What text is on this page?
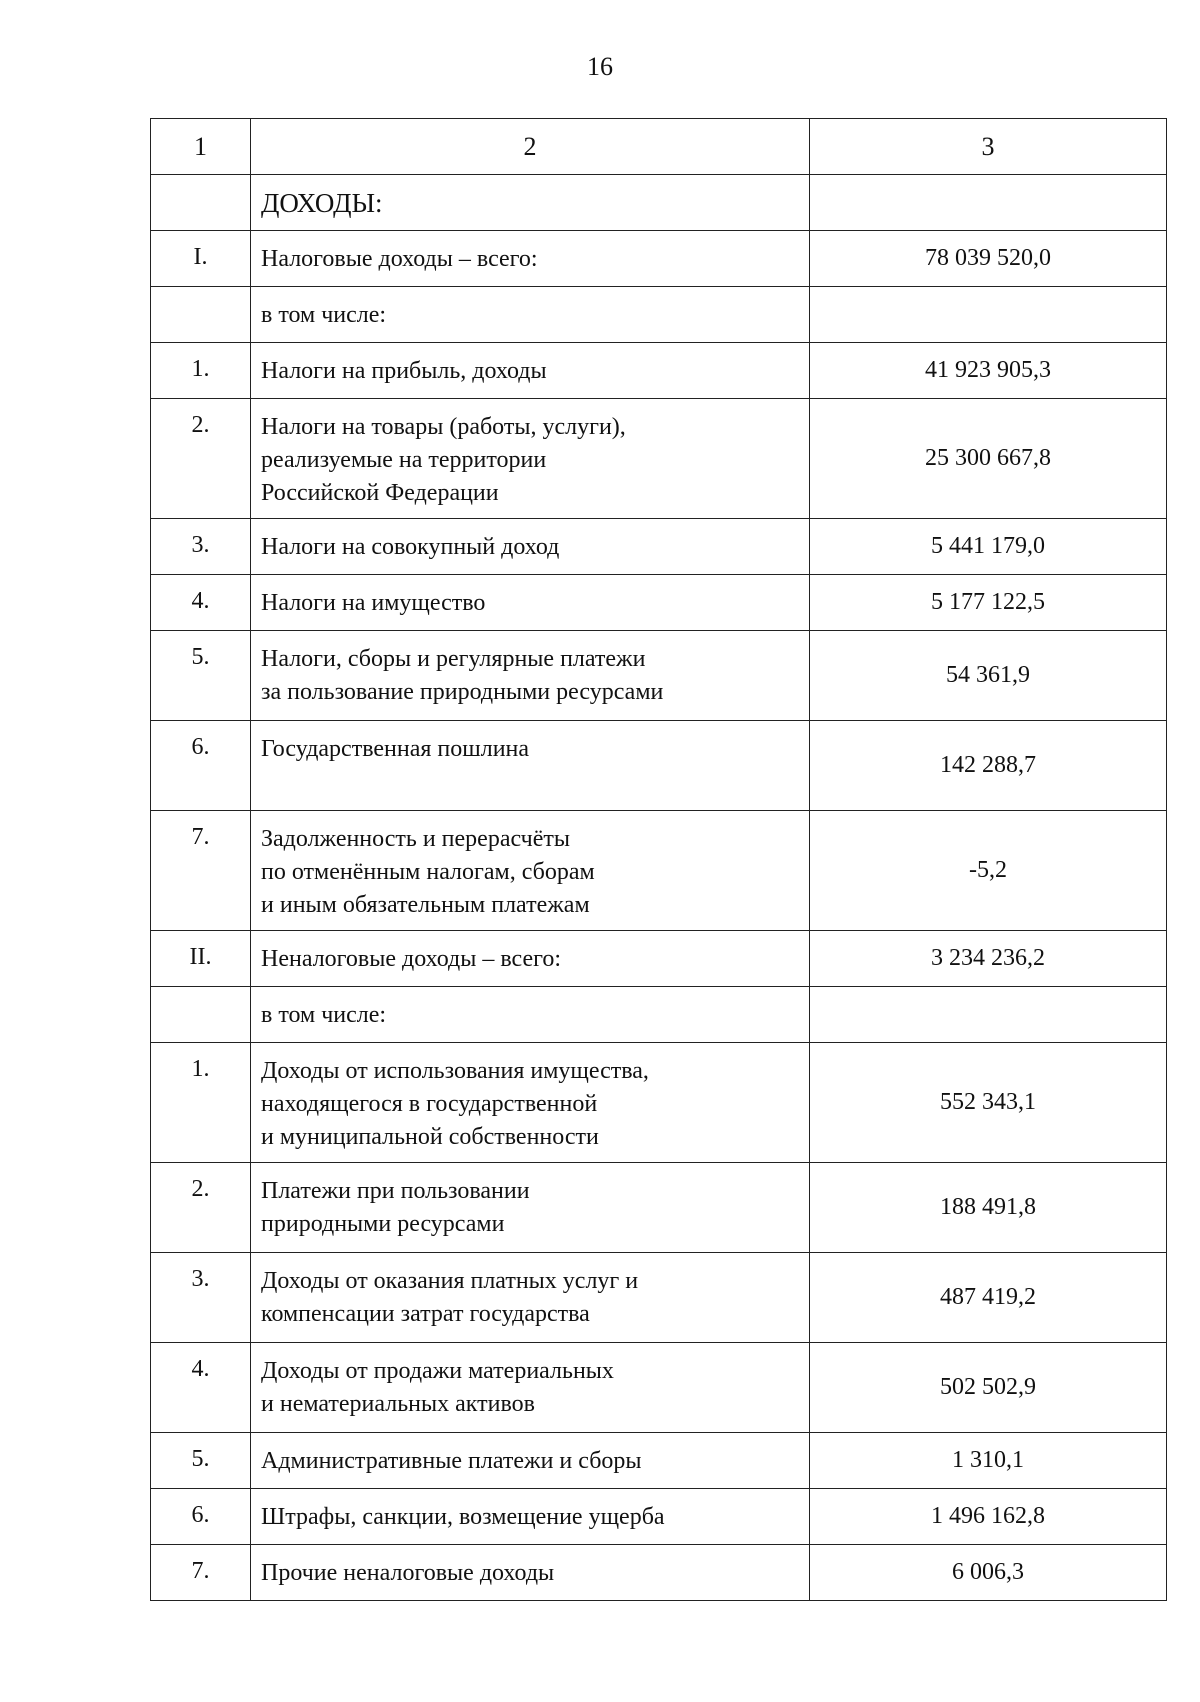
16
1	2	3
	ДОХОДЫ:	
I.	Налоговые доходы – всего:	78 039 520,0
	в том числе:	
1.	Налоги на прибыль, доходы	41 923 905,3
2.	Налоги на товары (работы, услуги),
реализуемые на территории
Российской Федерации	25 300 667,8
3.	Налоги на совокупный доход	5 441 179,0
4.	Налоги на имущество	5 177 122,5
5.	Налоги, сборы и регулярные платежи
за пользование природными ресурсами	54 361,9
6.	Государственная пошлина	142 288,7
7.	Задолженность и перерасчёты
по отменённым налогам, сборам
и иным обязательным платежам	-5,2
II.	Неналоговые доходы – всего:	3 234 236,2
	в том числе:	
1.	Доходы от использования имущества,
находящегося в государственной
и муниципальной собственности	552 343,1
2.	Платежи при пользовании
природными ресурсами	188 491,8
3.	Доходы от оказания платных услуг и
компенсации затрат государства	487 419,2
4.	Доходы от продажи материальных
и нематериальных активов	502 502,9
5.	Административные платежи и сборы	1 310,1
6.	Штрафы, санкции, возмещение ущерба	1 496 162,8
7.	Прочие неналоговые доходы	6 006,3
